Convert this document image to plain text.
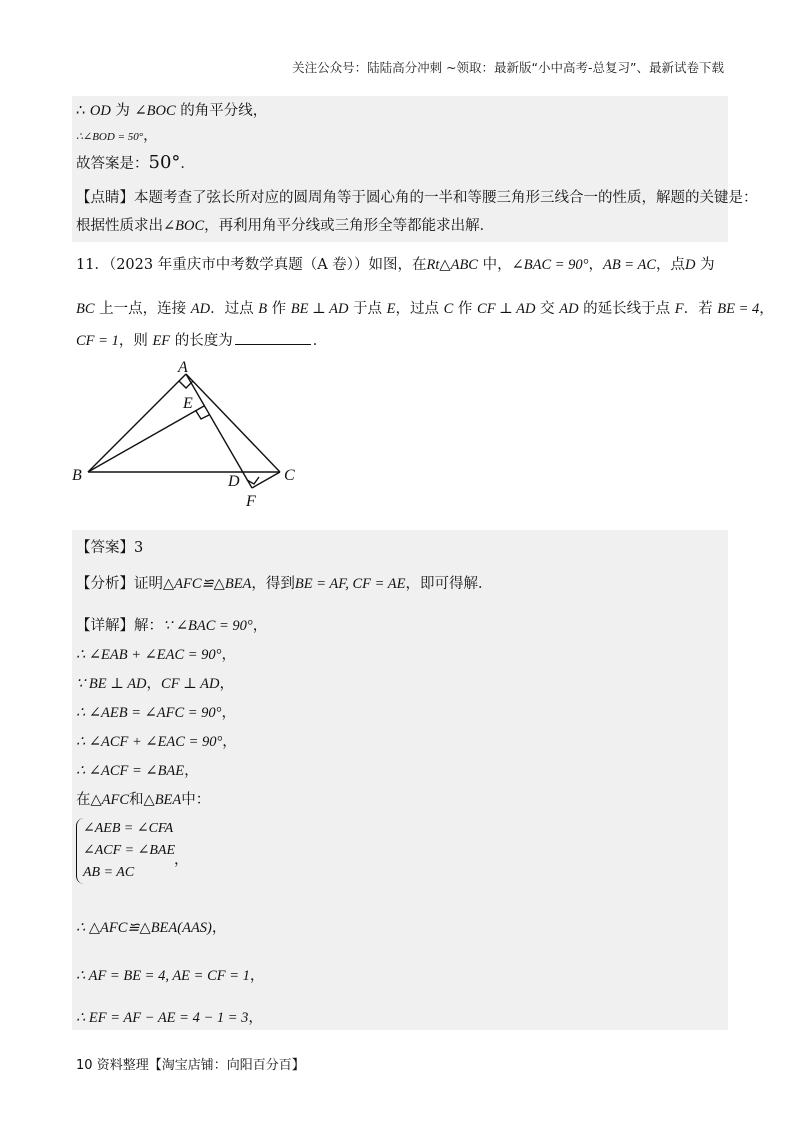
关注公众号：陆陆高分冲刺 ~领取：最新版“小中高考-总复习”、最新试卷下载
∴ OD 为 ∠BOC 的角平分线，
∴∠BOD = 50°，
故答案是：50°．
【点睛】本题考查了弦长所对应的圆周角等于圆心角的一半和等腰三角形三线合一的性质，解题的关键是：
根据性质求出∠BOC，再利用角平分线或三角形全等都能求出解．
11．（2023 年重庆市中考数学真题（A 卷））如图，在Rt△ABC 中，∠BAC = 90°，AB = AC，点D 为
BC 上一点，连接 AD．过点 B 作 BE ⊥ AD 于点 E，过点 C 作 CF ⊥ AD 交 AD 的延长线于点 F．若 BE = 4，
CF = 1，则 EF 的长度为	．
A
E
B	D	C
F
【答案】3
【分析】证明△AFC≌△BEA，得到BE = AF, CF = AE，即可得解．
【详解】解：∵ ∠BAC = 90°，
∴ ∠EAB + ∠EAC = 90°，
∵ BE ⊥ AD，CF ⊥ AD，
∴ ∠AEB = ∠AFC = 90°，
∴ ∠ACF + ∠EAC = 90°，
∴ ∠ACF = ∠BAE，
在△AFC和△BEA中：
∠AEB = ∠CFA
∠ACF = ∠BAE
AB = AC
，
∴ △AFC≌△BEA(AAS)，
∴ AF = BE = 4, AE = CF = 1，
∴ EF = AF − AE = 4 − 1 = 3，
10 资料整理【淘宝店铺：向阳百分百】
